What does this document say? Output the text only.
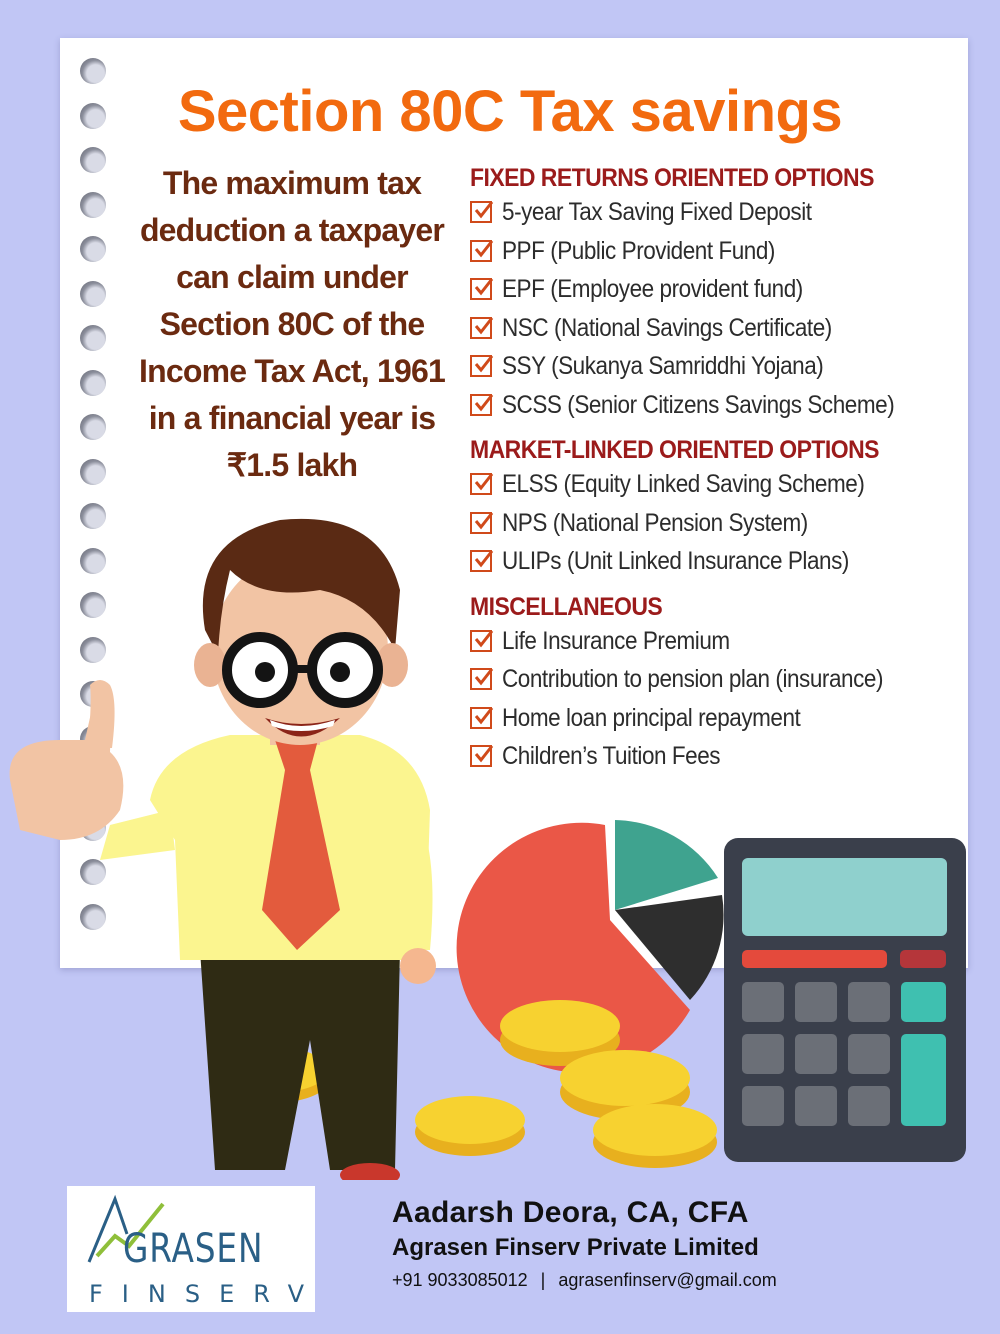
Section 80C Tax savings
The maximum tax
deduction a taxpayer
can claim under
Section 80C of the
Income Tax Act, 1961
in a financial year is
₹1.5 lakh
FIXED RETURNS ORIENTED OPTIONS
5-year Tax Saving Fixed Deposit
PPF (Public Provident Fund)
EPF (Employee provident fund)
NSC (National Savings Certificate)
SSY (Sukanya Samriddhi Yojana)
SCSS (Senior Citizens Savings Scheme)
MARKET-LINKED ORIENTED OPTIONS
ELSS (Equity Linked Saving Scheme)
NPS (National Pension System)
ULIPs (Unit Linked Insurance Plans)
MISCELLANEOUS
Life Insurance Premium
Contribution to pension plan (insurance)
Home loan principal repayment
Children’s Tuition Fees
GRASEN
FINSERV
Aadarsh Deora, CA, CFA
Agrasen Finserv Private Limited
+91 9033085012 | agrasenfinserv@gmail.com
